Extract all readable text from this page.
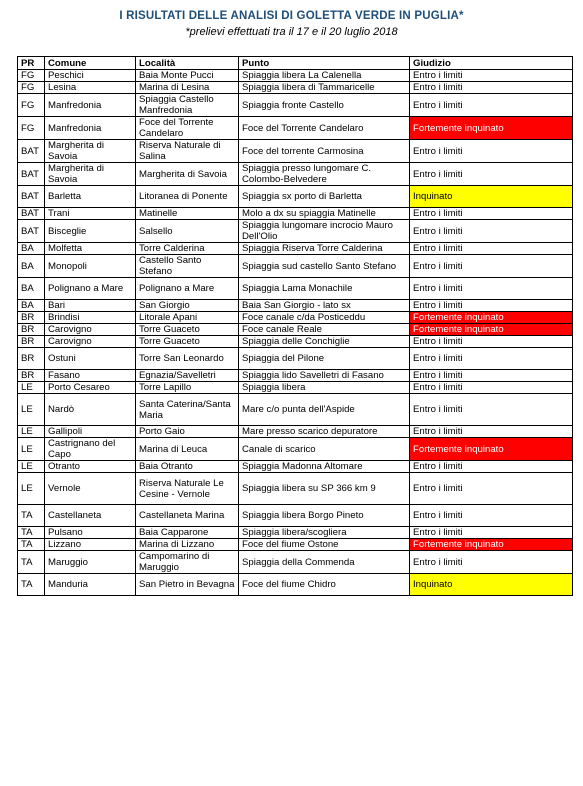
I RISULTATI DELLE ANALISI DI GOLETTA VERDE IN PUGLIA*
*prelievi effettuati tra il 17 e il 20 luglio 2018
PR	Comune	Località	Punto	Giudizio
FG	Peschici	Baia Monte Pucci	Spiaggia libera La Calenella	Entro i limiti
FG	Lesina	Marina di Lesina	Spiaggia libera di Tammaricelle	Entro i limiti
FG	Manfredonia	Spiaggia Castello Manfredonia	Spiaggia fronte Castello	Entro i limiti
FG	Manfredonia	Foce del Torrente Candelaro	Foce del Torrente Candelaro	Fortemente inquinato
BAT	Margherita di Savoia	Riserva Naturale di Salina	Foce del torrente Carmosina	Entro i limiti
BAT	Margherita di Savoia	Margherita di Savoia	Spiaggia presso lungomare C. Colombo-Belvedere	Entro i limiti
BAT	Barletta	Litoranea di Ponente	Spiaggia sx porto di Barletta	Inquinato
BAT	Trani	Matinelle	Molo a dx su spiaggia Matinelle	Entro i limiti
BAT	Bisceglie	Salsello	Spiaggia lungomare incrocio Mauro Dell'Olio	Entro i limiti
BA	Molfetta	Torre Calderina	Spiaggia Riserva Torre Calderina	Entro i limiti
BA	Monopoli	Castello Santo Stefano	Spiaggia sud castello Santo Stefano	Entro i limiti
BA	Polignano a Mare	Polignano a Mare	Spiaggia Lama Monachile	Entro i limiti
BA	Bari	San Giorgio	Baia San Giorgio - lato sx	Entro i limiti
BR	Brindisi	Litorale Apani	Foce canale c/da Posticeddu	Fortemente inquinato
BR	Carovigno	Torre Guaceto	Foce canale Reale	Fortemente inquinato
BR	Carovigno	Torre Guaceto	Spiaggia delle Conchiglie	Entro i limiti
BR	Ostuni	Torre San Leonardo	Spiaggia del Pilone	Entro i limiti
BR	Fasano	Egnazia/Savelletri	Spiaggia lido Savelletri di Fasano	Entro i limiti
LE	Porto Cesareo	Torre Lapillo	Spiaggia libera	Entro i limiti
LE	Nardò	Santa Caterina/Santa Maria	Mare c/o punta dell'Aspide	Entro i limiti
LE	Gallipoli	Porto Gaio	Mare presso scarico depuratore	Entro i limiti
LE	Castrignano del Capo	Marina di Leuca	Canale di scarico	Fortemente inquinato
LE	Otranto	Baia Otranto	Spiaggia Madonna Altomare	Entro i limiti
LE	Vernole	Riserva Naturale Le Cesine - Vernole	Spiaggia libera su SP 366 km 9	Entro i limiti
TA	Castellaneta	Castellaneta Marina	Spiaggia libera Borgo Pineto	Entro i limiti
TA	Pulsano	Baia Capparone	Spiaggia libera/scogliera	Entro i limiti
TA	Lizzano	Marina di Lizzano	Foce del fiume Ostone	Fortemente inquinato
TA	Maruggio	Campomarino di Maruggio	Spiaggia della Commenda	Entro i limiti
TA	Manduria	San Pietro in Bevagna	Foce del fiume Chidro	Inquinato
